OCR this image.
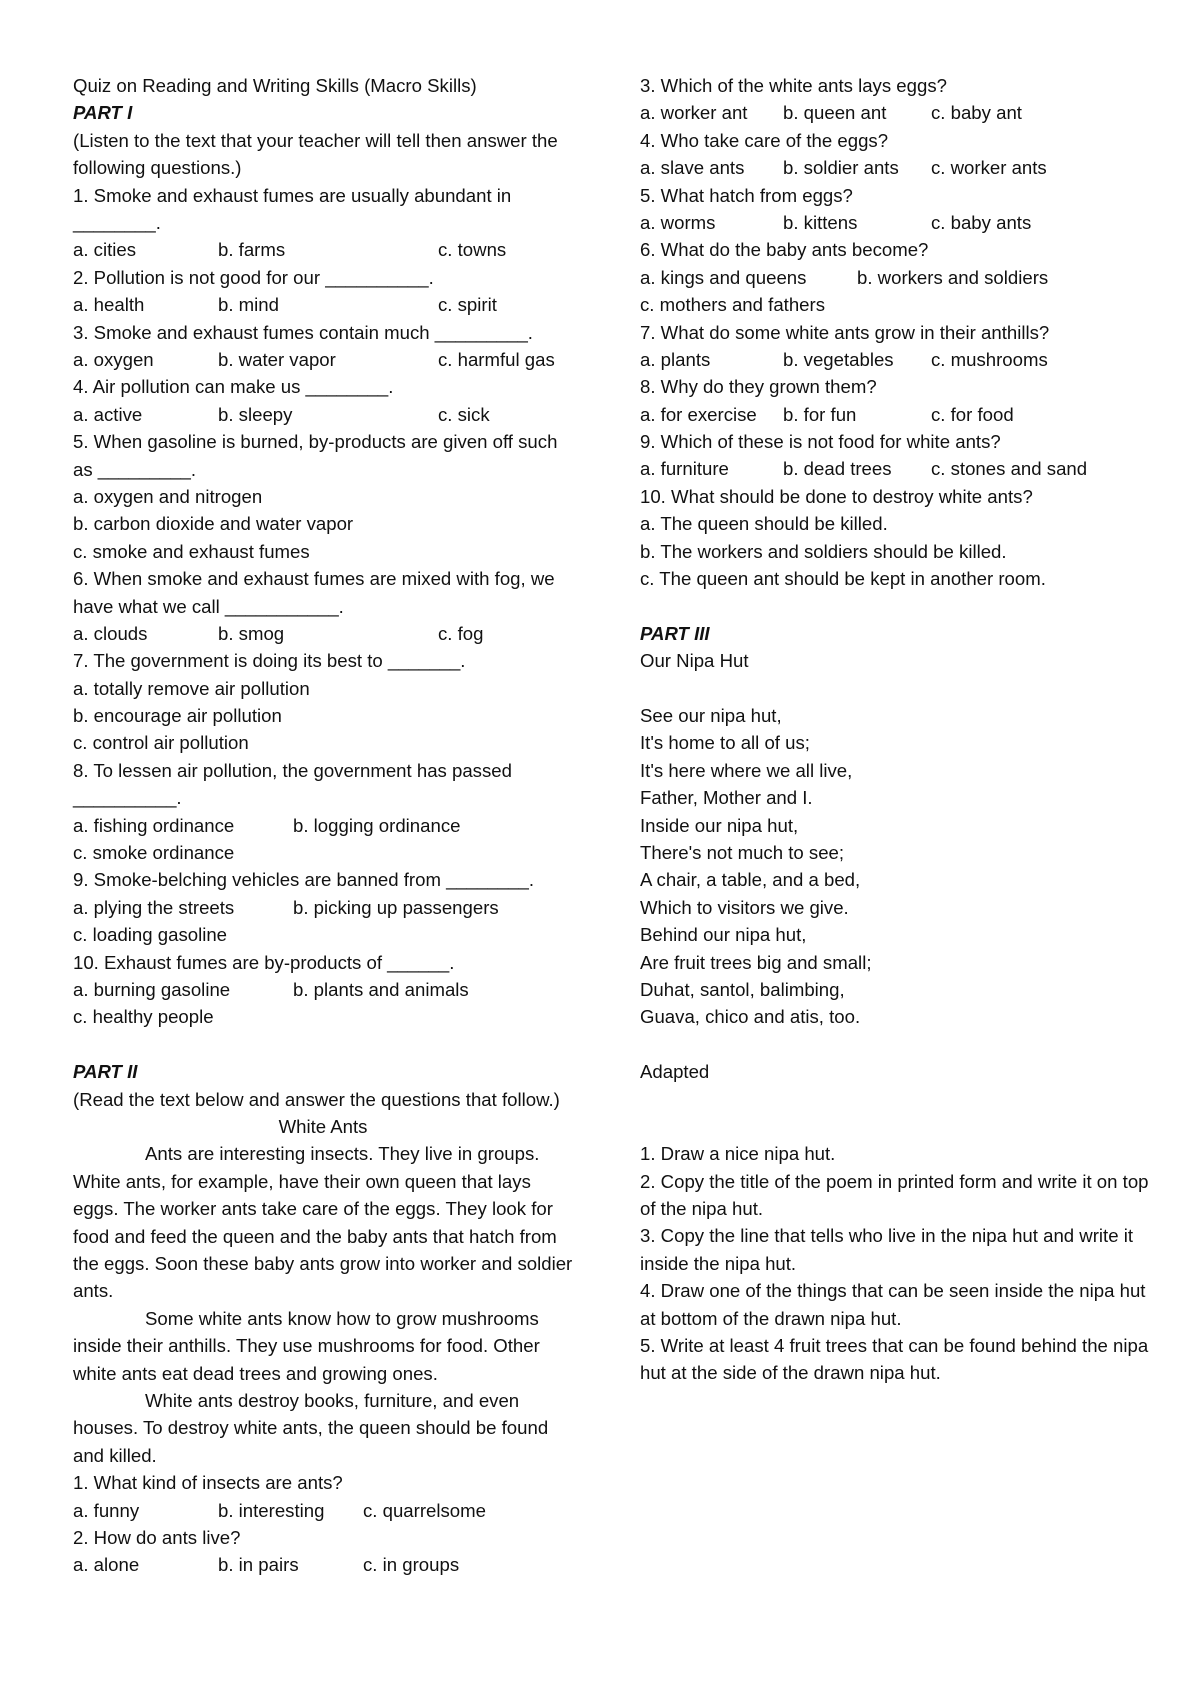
Quiz on Reading and Writing Skills (Macro Skills)
PART I
(Listen to the text that your teacher will tell then answer the following questions.)
1. Smoke and exhaust fumes are usually abundant in
________.
a. cities	b. farms	c. towns
2. Pollution is not good for our __________.
a. health	b. mind	c. spirit
3. Smoke and exhaust fumes contain much _________.
a. oxygen	b. water vapor	c. harmful gas
4. Air pollution can make us ________.
a. active	b. sleepy	c. sick
5. When gasoline is burned, by-products are given off such as _________.
a. oxygen and nitrogen
b. carbon dioxide and water vapor
c. smoke and exhaust fumes
6. When smoke and exhaust fumes are mixed with fog, we have what we call ___________.
a. clouds	b. smog	c. fog
7. The government is doing its best to _______.
a. totally remove air pollution
b. encourage air pollution
c. control air pollution
8. To lessen air pollution, the government has passed
__________.
a. fishing ordinance	b. logging ordinance
c. smoke ordinance
9. Smoke-belching vehicles are banned from ________.
a. plying the streets	b. picking up passengers
c. loading gasoline
10. Exhaust fumes are by-products of ______.
a. burning gasoline	b. plants and animals
c. healthy people
PART II
(Read the text below and answer the questions that follow.)
White Ants
Ants are interesting insects. They live in groups. White ants, for example, have their own queen that lays eggs. The worker ants take care of the eggs. They look for food and feed the queen and the baby ants that hatch from the eggs. Soon these baby ants grow into worker and soldier ants.
Some white ants know how to grow mushrooms inside their anthills. They use mushrooms for food. Other white ants eat dead trees and growing ones.
White ants destroy books, furniture, and even houses. To destroy white ants, the queen should be found and killed.
1. What kind of insects are ants?
a. funny	b. interesting c. quarrelsome
2. How do ants live?
a. alone	b. in pairs	c. in groups
3. Which of the white ants lays eggs?
a. worker ant b. queen ant c. baby ant
4. Who take care of the eggs?
a. slave ants b. soldier ants c. worker ants
5. What hatch from eggs?
a. worms	b. kittens	c. baby ants
6. What do the baby ants become?
a. kings and queens	b. workers and soldiers
c. mothers and fathers
7. What do some white ants grow in their anthills?
a. plants	b. vegetables c. mushrooms
8. Why do they grown them?
a. for exercise b. for fun	c. for food
9. Which of these is not food for white ants?
a. furniture	b. dead trees c. stones and sand
10. What should be done to destroy white ants?
a. The queen should be killed.
b. The workers and soldiers should be killed.
c. The queen ant should be kept in another room.
PART III
Our Nipa Hut
See our nipa hut,
It's home to all of us;
It's here where we all live,
Father, Mother and I.
Inside our nipa hut,
There's not much to see;
A chair, a table, and a bed,
Which to visitors we give.
Behind our nipa hut,
Are fruit trees big and small;
Duhat, santol, balimbing,
Guava, chico and atis, too.
Adapted
1. Draw a nice nipa hut.
2. Copy the title of the poem in printed form and write it on top of the nipa hut.
3. Copy the line that tells who live in the nipa hut and write it inside the nipa hut.
4. Draw one of the things that can be seen inside the nipa hut at bottom of the drawn nipa hut.
5. Write at least 4 fruit trees that can be found behind the nipa hut at the side of the drawn nipa hut.
